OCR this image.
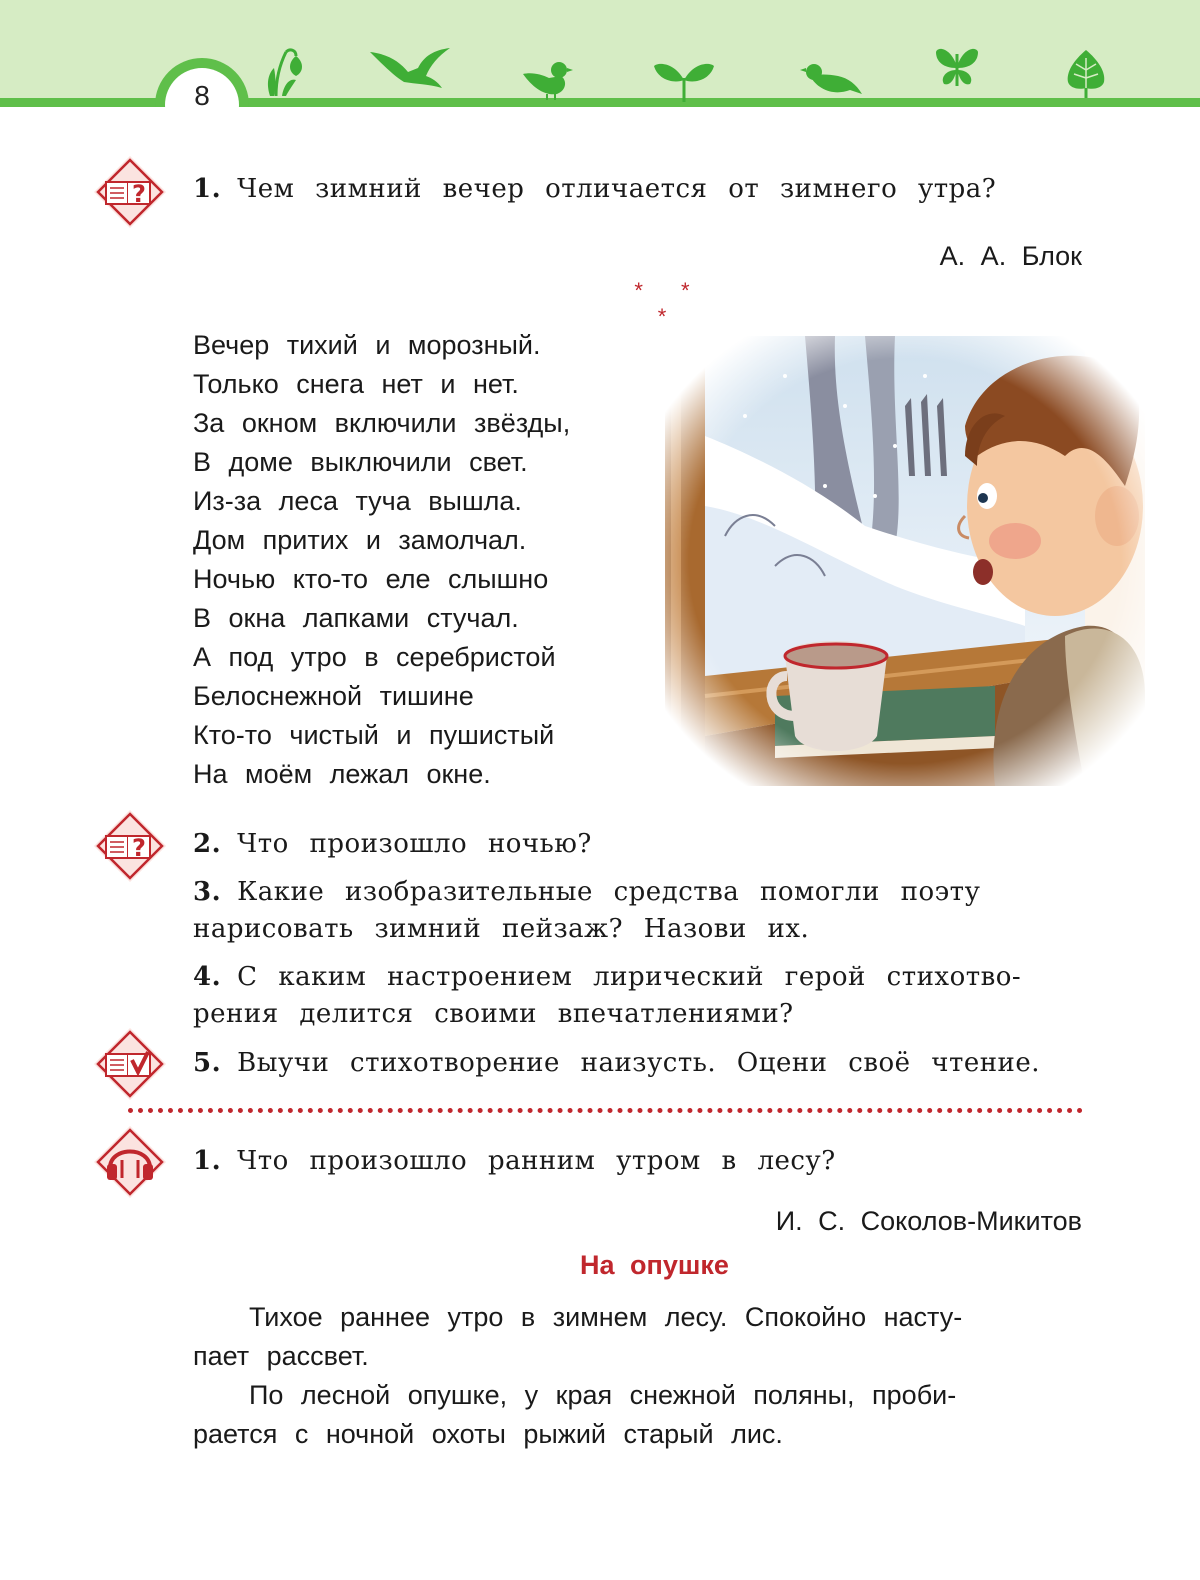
8
? 1. Чем зимний вечер отличается от зимнего утра?
А. А. Блок
* * *
Вечер тихий и морозный.
Только снега нет и нет.
За окном включили звёзды,
В доме выключили свет.
Из-за леса туча вышла.
Дом притих и замолчал.
Ночью кто-то еле слышно
В окна лапками стучал.
А под утро в серебристой
Белоснежной тишине
Кто-то чистый и пушистый
На моём лежал окне.
? 2. Что произошло ночью?
3. Какие изобразительные средства помогли поэту
нарисовать зимний пейзаж? Назови их.
4. С каким настроением лирический герой стихотво-
рения делится своими впечатлениями?
5. Выучи стихотворение наизусть. Оцени своё чтение.
1. Что произошло ранним утром в лесу?
И. С. Соколов-Микитов
На опушке
Тихое раннее утро в зимнем лесу. Спокойно насту-
пает рассвет.
По лесной опушке, у края снежной поляны, проби-
рается с ночной охоты рыжий старый лис.
